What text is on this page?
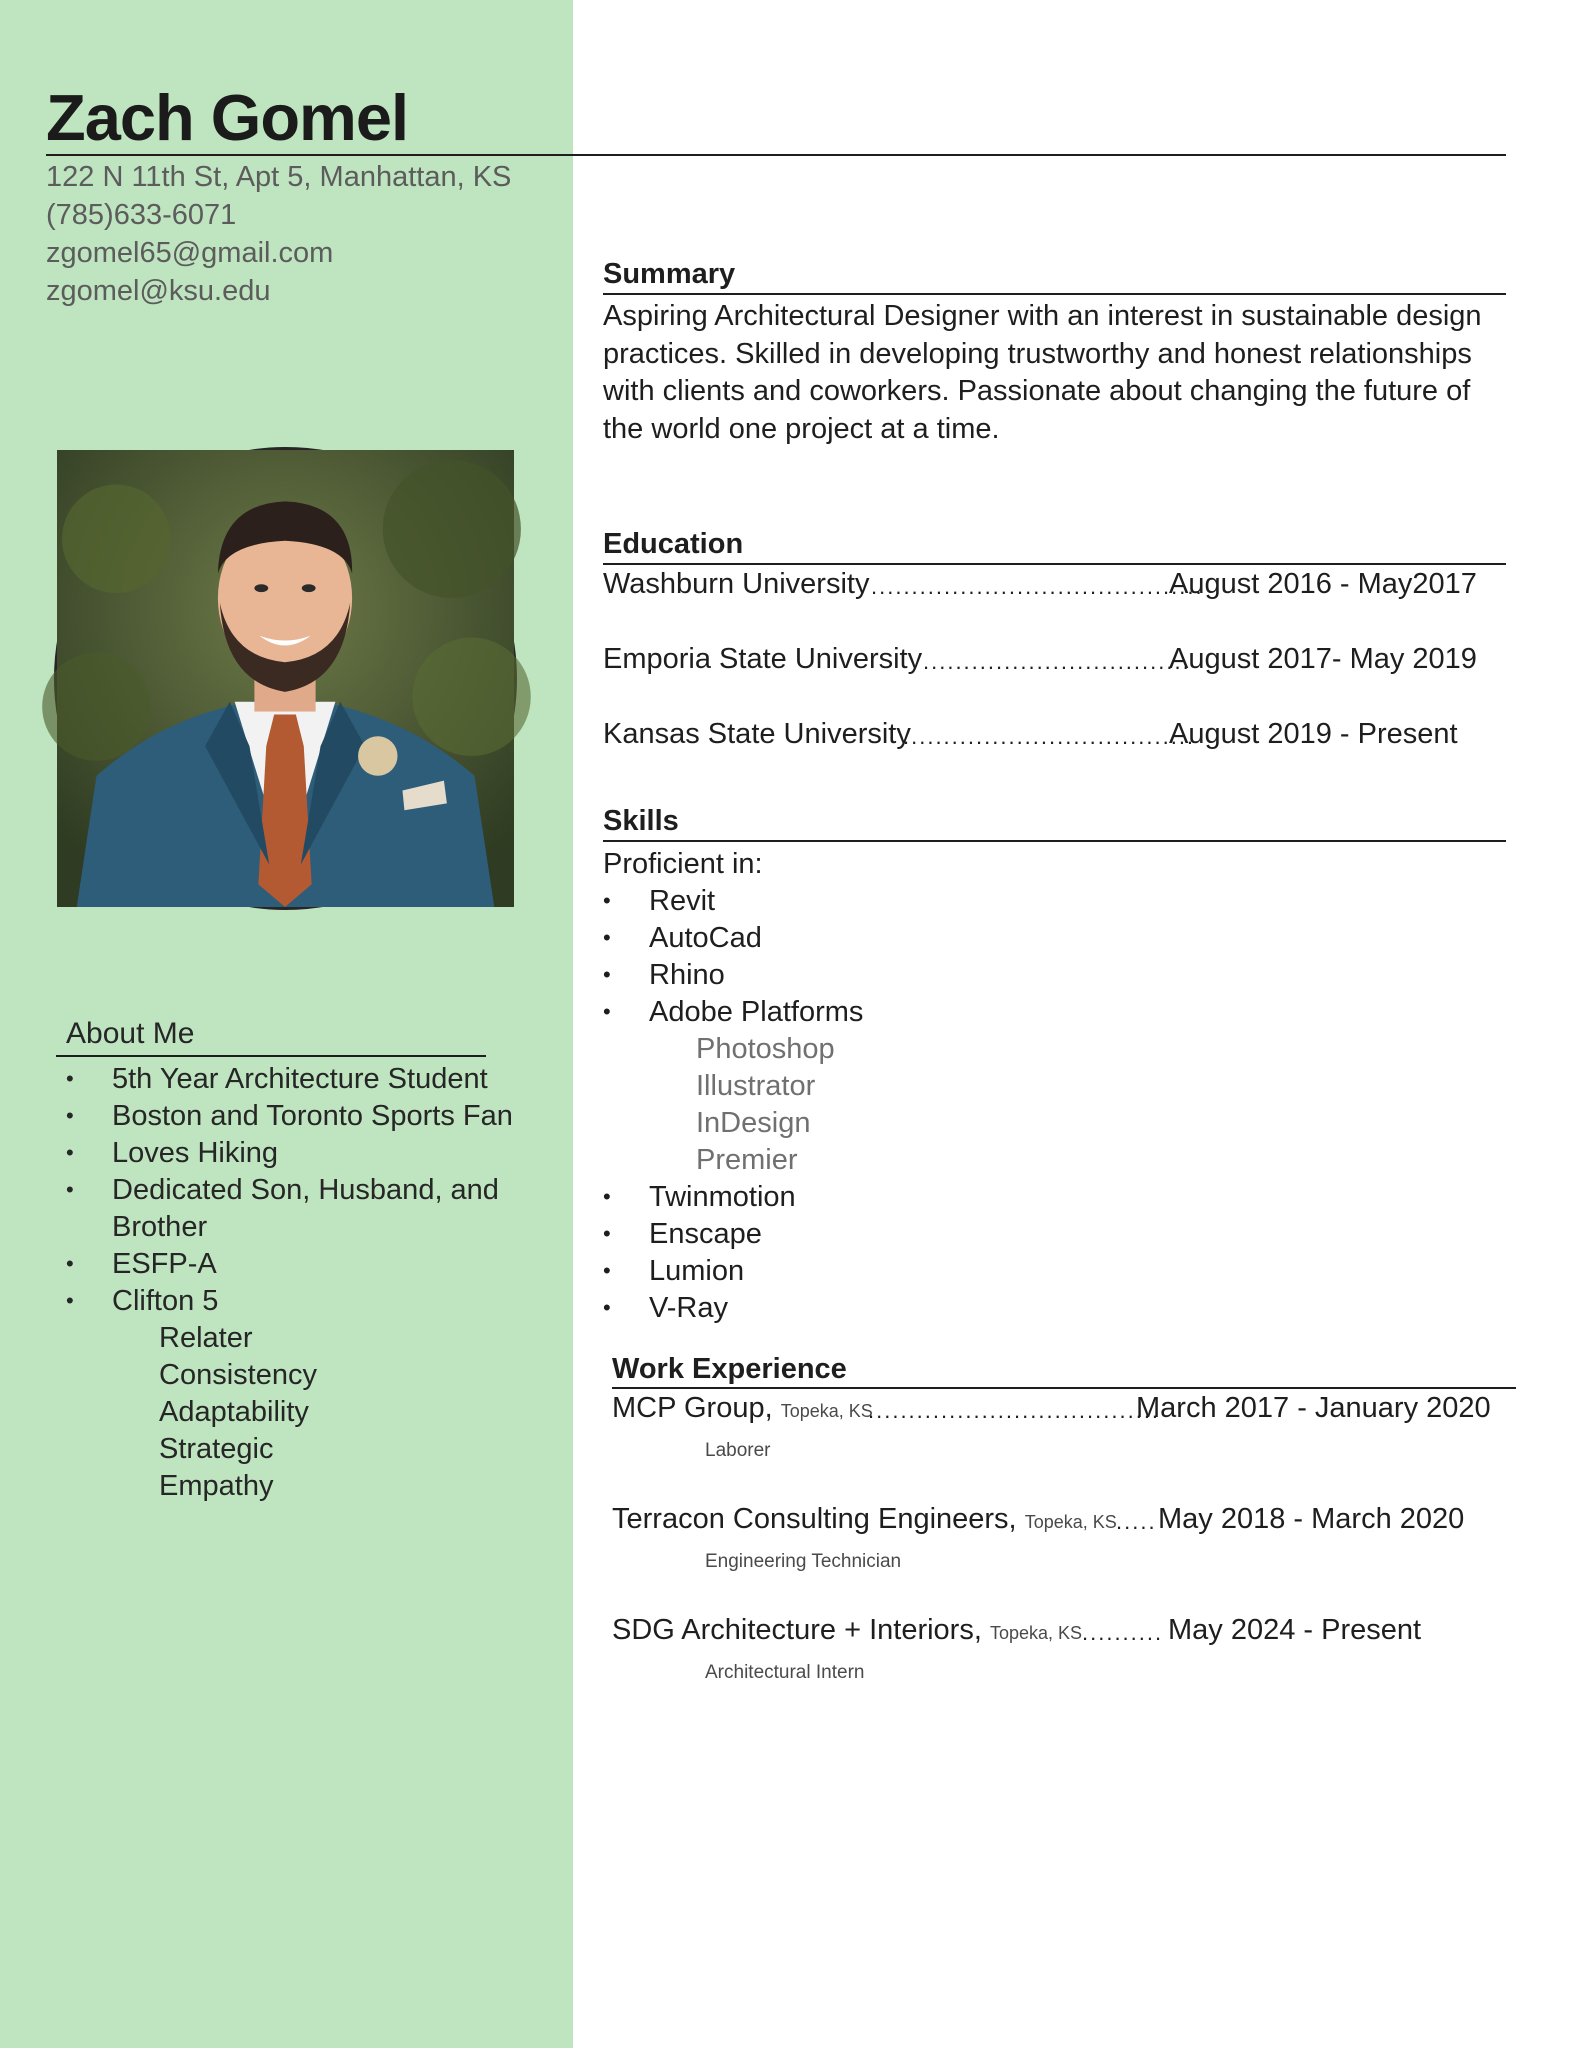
Zach Gomel
122 N 11th St, Apt 5, Manhattan, KS
(785)633-6071
zgomel65@gmail.com
zgomel@ksu.edu
About Me
• 5th Year Architecture Student
• Boston and Toronto Sports Fan
• Loves Hiking
• Dedicated Son, Husband, and
Brother
• ESFP-A
• Clifton 5
Relater
Consistency
Adaptability
Strategic
Empathy
Summary
Aspiring Architectural Designer with an interest in sustainable design practices. Skilled in developing trustworthy and honest relationships with clients and coworkers. Passionate about changing the future of the world one project at a time.
Education
Washburn University .........................................
August 2016 - May2017
Emporia State University .................................
August 2017- May 2019
Kansas State University
....................................
August 2019 - Present
Skills
Proficient in:
• Revit
• AutoCad
• Rhino
• Adobe Platforms
Photoshop
Illustrator
InDesign
Premier
• Twinmotion
• Enscape
• Lumion
• V-Ray
Work Experience
MCP Group, Topeka, KS
....................................
March 2017 - January 2020
Laborer
Terracon Consulting Engineers, Topeka, KS ..... May 2018 - March 2020
Engineering Technician
SDG Architecture + Interiors, Topeka, KS .......... May 2024 - Present
Architectural Intern
